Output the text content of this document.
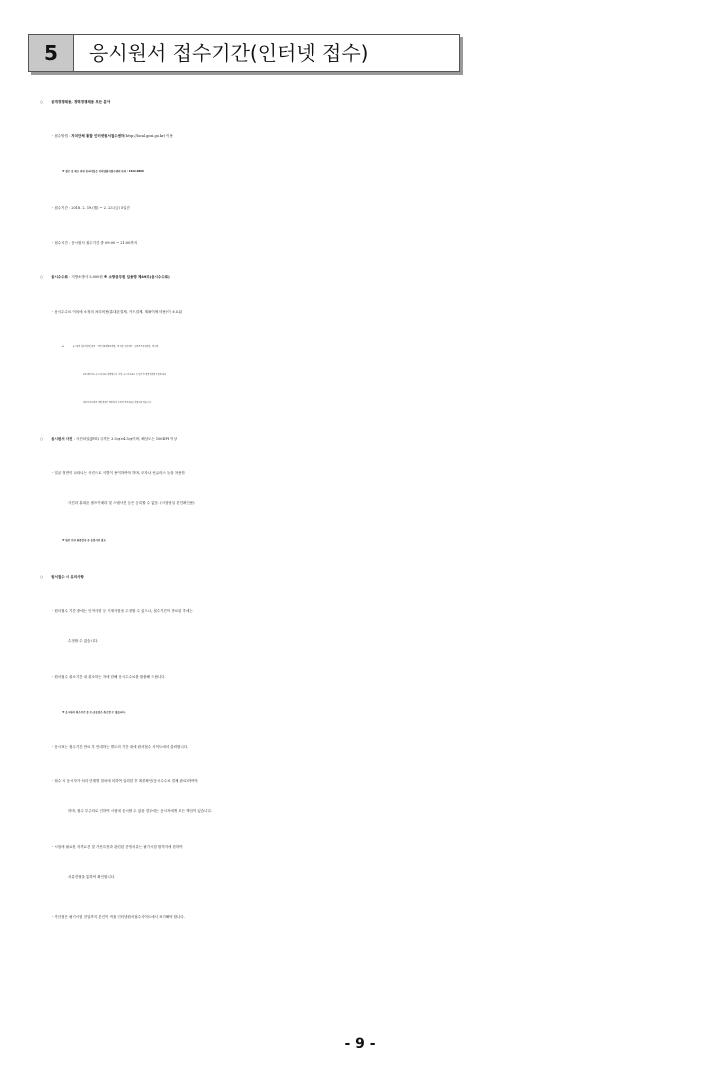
5	응시원서 접수기간(인터넷 접수)
○ 공개경쟁채용, 경력경쟁채용 모든 분야
- 접수방법 : 자치단체 통합 인터넷원서접수센터(http://local.gosi.go.kr) 이용
※ 접수 및 취소 관련 문의사항은 인터넷원서접수센터 문의 : 1522-0660
- 접수기간 : 2018. 2. 19.(월) ~ 2. 23.(금) 5일간
- 접수시간 : 응시원서 접수기간 중 09:00 ~ 21:00까지
○ 응시수수료 : 지방소방사 5,000원 ※ 소방공무원 임용령 제49조(응시수수료)
- 응시수수료 이외에 소정의 처리비용(휴대폰결제, 카드결제, 계좌이체 비용)이 소요됨
※	응시원서 접수마감일 현재 「국민기초생활보장법」에 따른 수급자와 「한부모가족지원법」에 따른
보호대상자는 응시수수료를 면제합니다. 다만, 응시수수료는 선 납부 후 관련기관에 수급자(보호
대상자)조회하여 개별 환급할 예정이며, 소정의 처리비용은 환급되지 않습니다.
○ 응시원서 사진 : 사진파일(JPG) 규격은 3.5㎝×4.5㎝이며, 해상도는 100DPI 이상
- 얼굴 정면이 나타나는 사진으로 식별이 용이하여야 하며, 모자나 선글라스 등을 착용한
사진과 휴대폰 셀프카메라 및 스냅사진 등은 등록할 수 없음. (시험당일 본인확인용)
※ 원본 보관 최종합격 후 동일사진 필요
○ 원서접수 시 유의사항
- 원서접수 기간 중에는 인적사항 등 기재사항을 수정할 수 있으나, 접수기간이 종료된 후에는
수정할 수 없습니다.
- 원서접수 취소기간 내 취소하는 자에 한해 응시수수료를 환불해 드립니다.
※ 응시원서 취소기간 중 토·공휴일은 취소할 수 없습니다.
- 응시표는 접수기간 만료 후 안내하는 별도의 기간 내에 원서접수 사이트에서 출력합니다.
- 접수 시 응시자가 처리 단계별 절차에 의하여 입력한 후 최종확인(응시수수료 결제 완료)하여야
하며, 접수 부주의로 인하여 시험에 응시할 수 없을 경우에는 응시자에게 모든 책임이 있습니다.
- 시험에 필요한 자격요건 및 가산특전과 관련된 증빙서류는 필기시험 합격자에 한하여
서류전형을 통하여 확인합니다.
- 가산점은 필기시험 전일까지 본인이 직접 인터넷원서접수사이트에서 표기해야 합니다.
- 9 -
